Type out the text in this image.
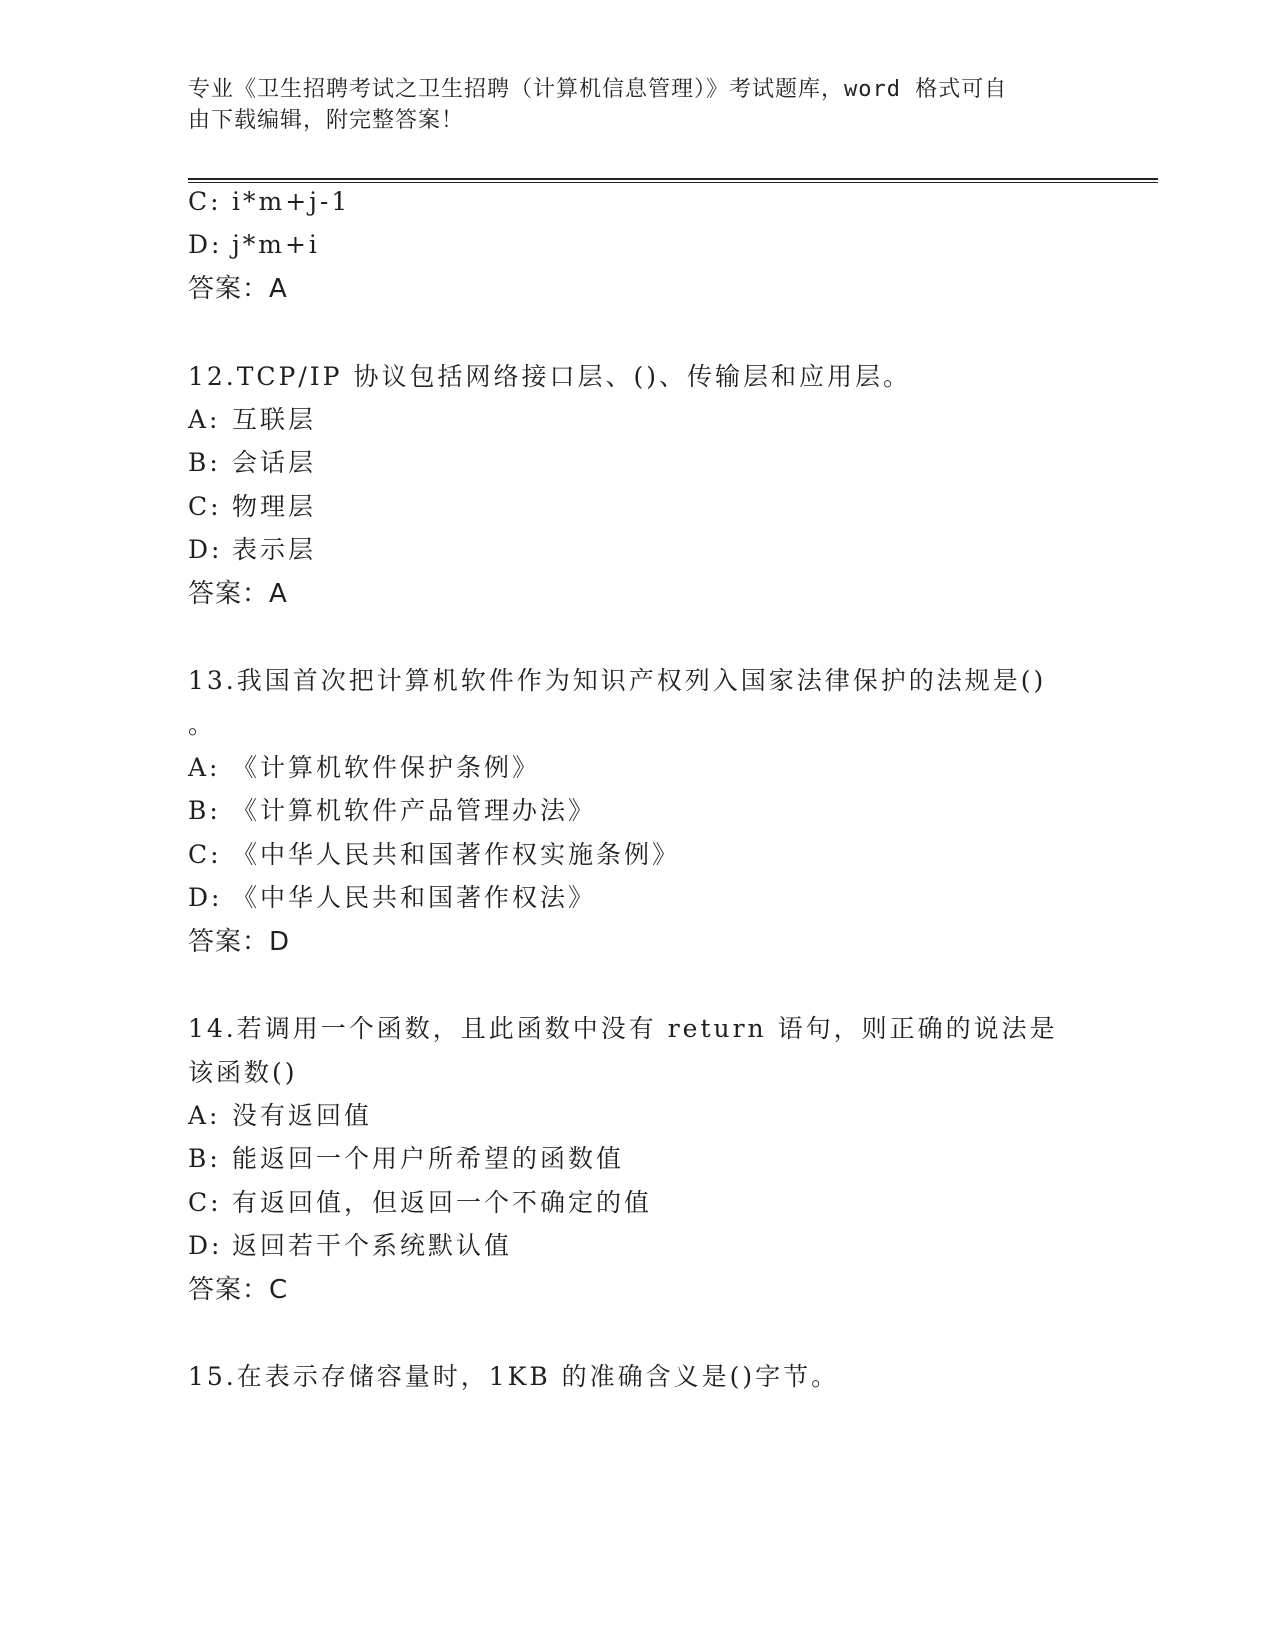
专业《卫生招聘考试之卫生招聘（计算机信息管理）》考试题库，word 格式可自

由下载编辑，附完整答案！

C: i*m+j-1
D: j*m+i
答案：A
12.TCP/IP 协议包括网络接口层、()、传输层和应用层。
A: 互联层
B: 会话层
C: 物理层
D: 表示层
答案：A
13.我国首次把计算机软件作为知识产权列入国家法律保护的法规是()
。
A: 《计算机软件保护条例》
B: 《计算机软件产品管理办法》
C: 《中华人民共和国著作权实施条例》
D: 《中华人民共和国著作权法》
答案：D
14.若调用一个函数，且此函数中没有 return 语句，则正确的说法是
该函数()
A: 没有返回值
B: 能返回一个用户所希望的函数值
C: 有返回值，但返回一个不确定的值
D: 返回若干个系统默认值
答案：C
15.在表示存储容量时，1KB 的准确含义是()字节。
